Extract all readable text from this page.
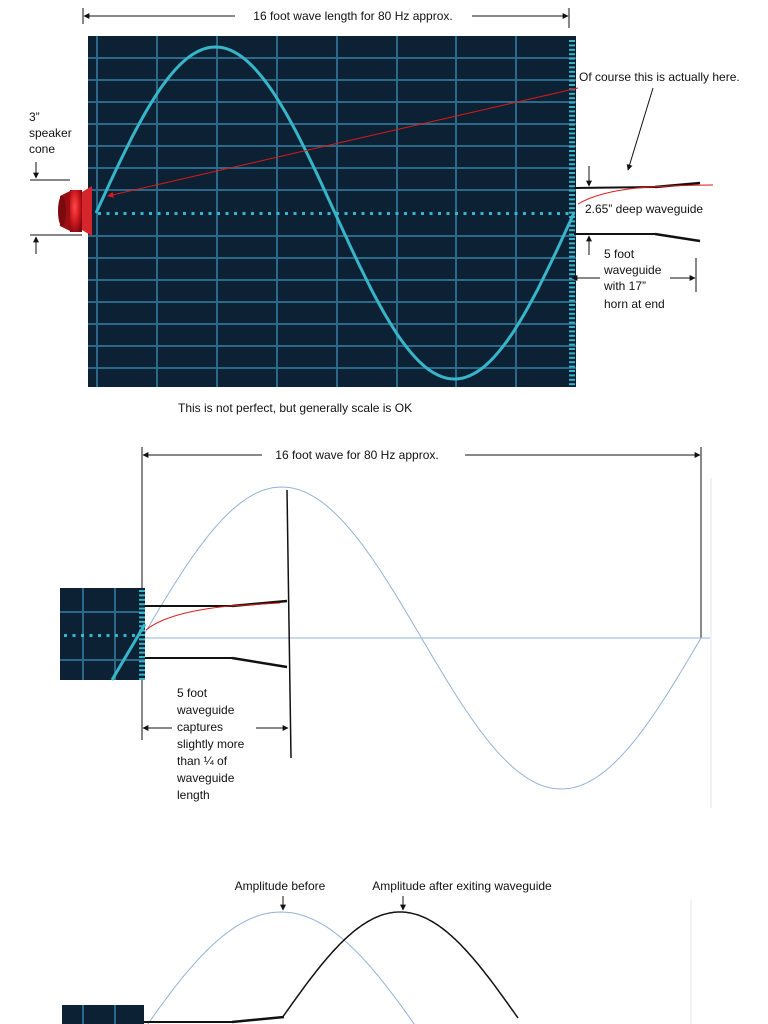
16 foot wave length for 80 Hz approx.
3”
speaker
cone
Of course this is actually here.
2.65” deep waveguide
5 foot
waveguide
with 17”
horn at end
This is not perfect, but generally scale is OK
16 foot wave for 80 Hz approx.
5 foot
waveguide
captures
slightly more
than ¼ of
waveguide
length
Amplitude before	Amplitude after exiting waveguide
